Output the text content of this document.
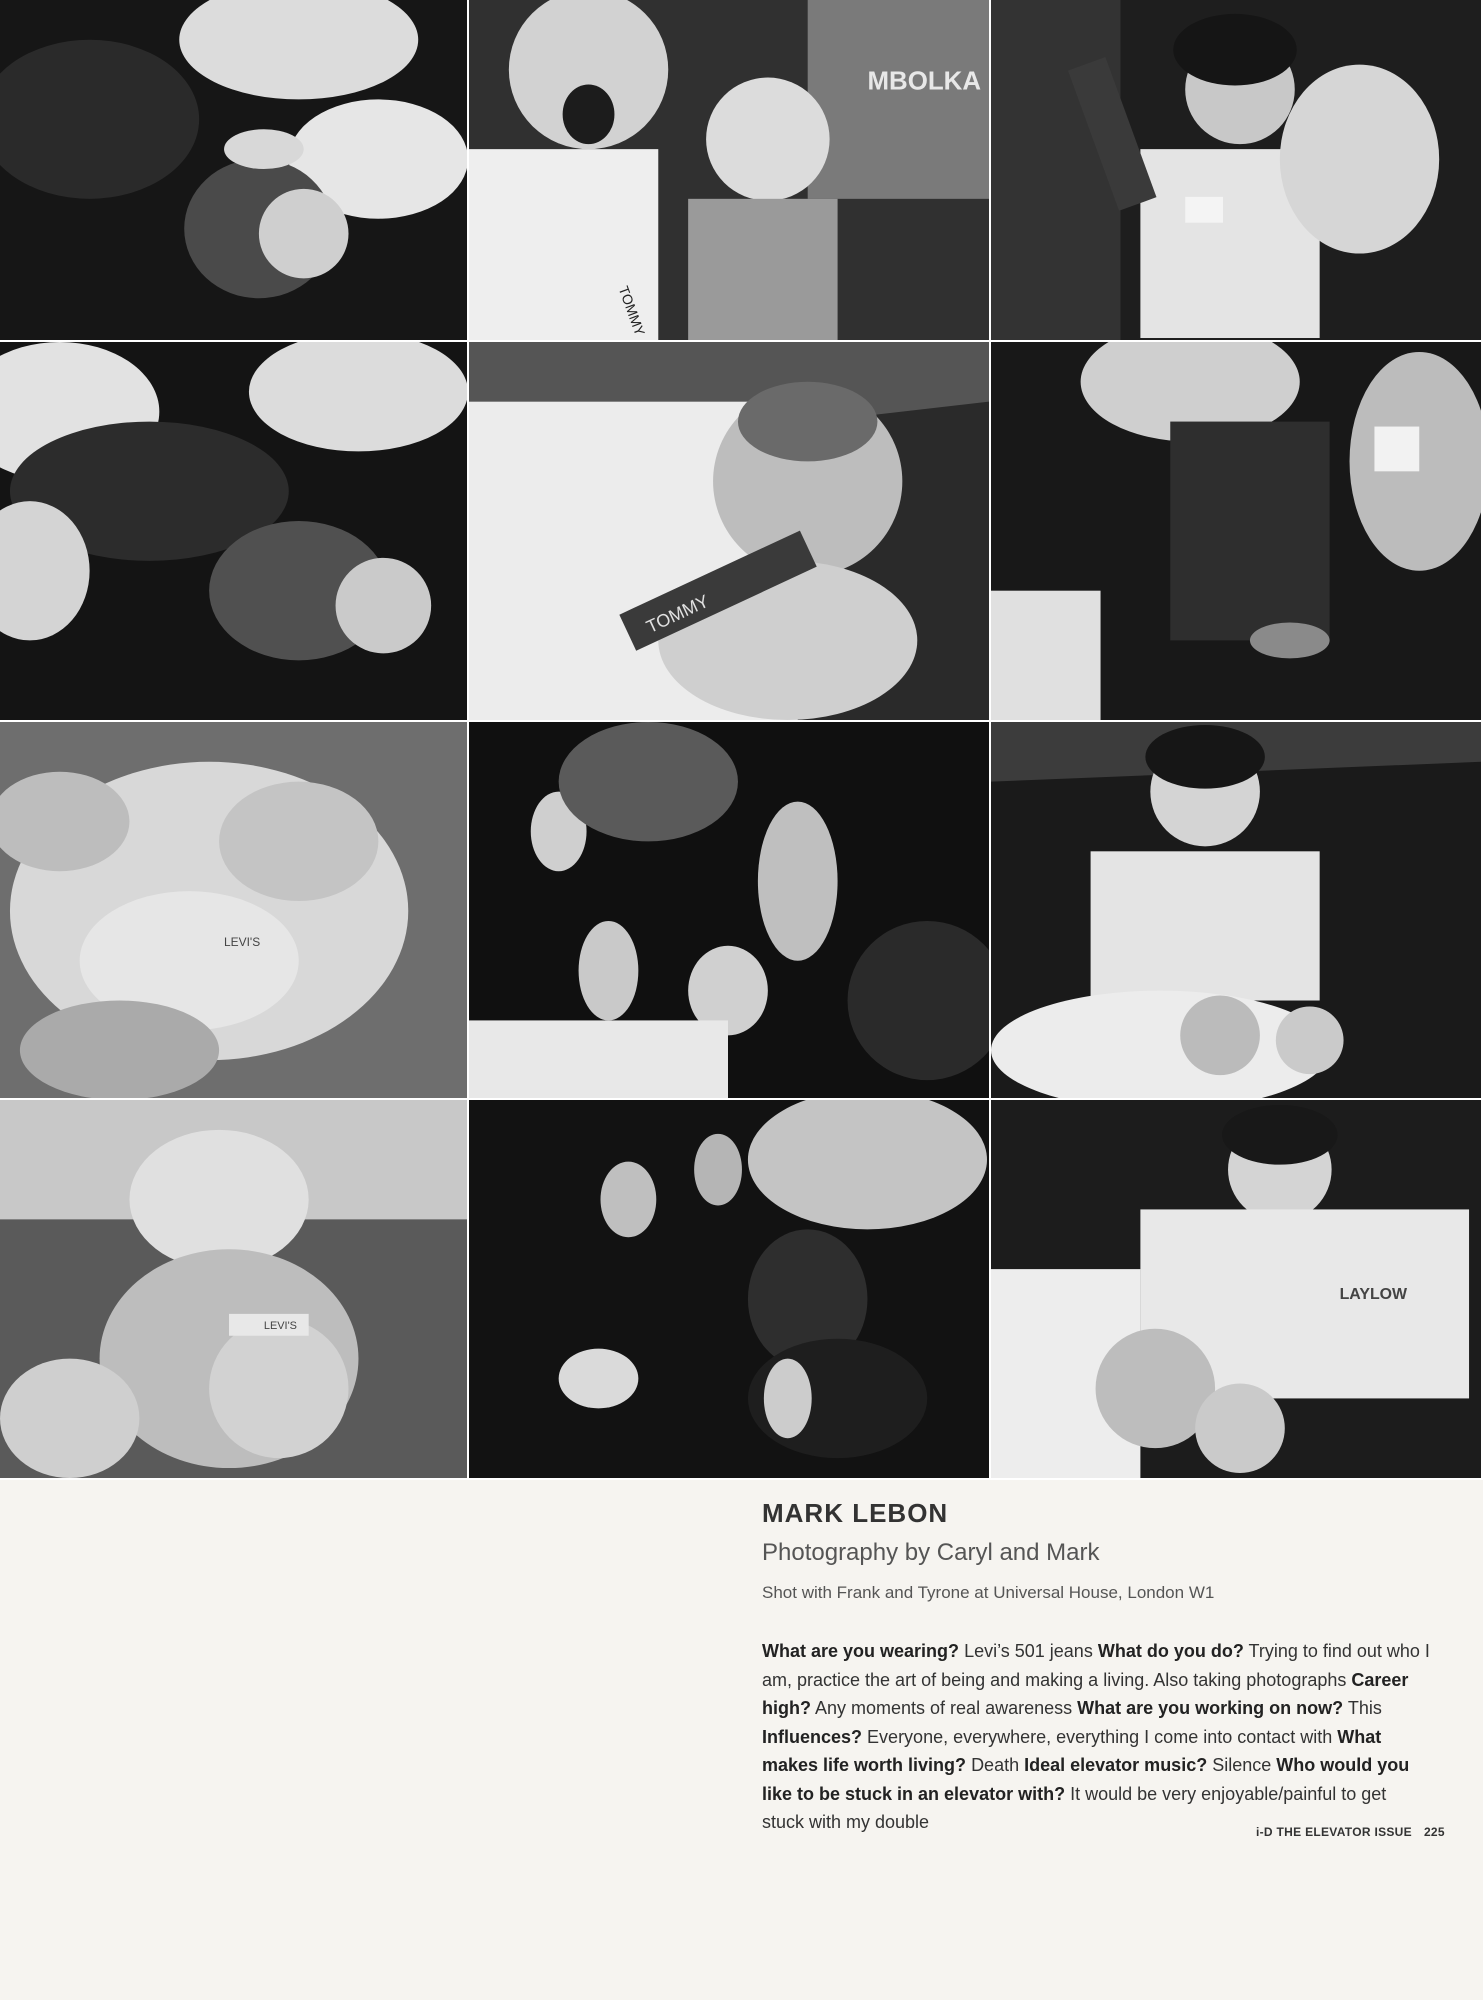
MBOLKA
TOMMY
TOMMY
LEVI'S
LEVI'S
LAYLOW
MARK LEBON
Photography by Caryl and Mark
Shot with Frank and Tyrone at Universal House, London W1
What are you wearing? Levi’s 501 jeans What do you do? Trying to find out who I am, practice the art of being and making a living. Also taking photographs Career high? Any moments of real awareness What are you working on now? This Influences? Everyone, everywhere, everything I come into contact with What makes life worth living? Death Ideal elevator music? Silence Who would you like to be stuck in an elevator with? It would be very enjoyable/painful to get stuck with my double	i-D THE ELEVATOR ISSUE 225
